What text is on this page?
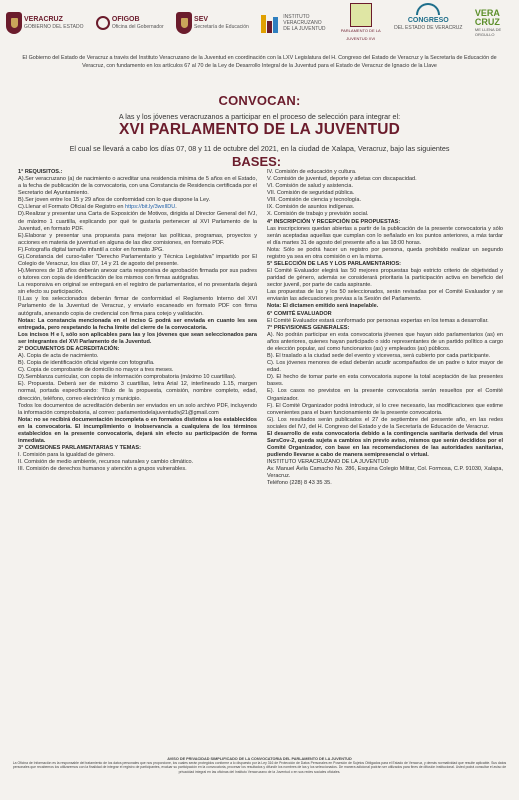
VERACRUZ
GOBIERNO DEL ESTADO
OFIGOB
Oficina del Gobernador
SEV
Secretaría de Educación
INSTITUTO VERACRUZANO DE LA JUVENTUD	PARLAMENTO DE LA JUVENTUD XVI
CONGRESO
DEL ESTADO DE VERACRUZ
VERA CRUZ
ME LLENA DE ORGULLO

El Gobierno del Estado de Veracruz a través del Instituto Veracruzano de la Juventud en coordinación con la LXV Legislatura del H. Congreso del Estado de Veracruz y la Secretaría de Educación de Veracruz, con fundamento en los artículos 67 al 70 de la Ley de Desarrollo Integral de la Juventud para el Estado de Veracruz de Ignacio de la Llave

CONVOCAN:
A las y los jóvenes veracruzanos a participar en el proceso de selección para integrar el:
XVI PARLAMENTO DE LA JUVENTUD
El cual se llevará a cabo los días 07, 08 y 11 de octubre del 2021, en la ciudad de Xalapa, Veracruz, bajo las siguientes
BASES:

1° REQUISITOS.:

A).Ser veracruzano (a) de nacimiento o acreditar una residencia mínima de 5 años en el Estado, a la fecha de publicación de la convocatoria, con una Constancia de Residencia certificada por el Secretario del Ayuntamiento.

B).Ser joven entre los 15 y 29 años de conformidad con lo que dispone la Ley.

C).Llenar el Formato Oficial de Registro en https://bit.ly/3wxIlDU.

D).Realizar y presentar una Carta de Exposición de Motivos, dirigida al Director General del IVJ, de máximo 1 cuartilla, explicando por qué te gustaría pertenecer al XVI Parlamento de la Juventud, en formato PDF.

E).Elaborar y presentar una propuesta para mejorar las políticas, programas, proyectos y acciones en materia de juventud en alguna de las diez comisiones, en formato PDF.

F).Fotografía digital tamaño infantil a color en formato JPG.

G).Constancia del curso-taller "Derecho Parlamentario y Técnica Legislativa" impartido por El Colegio de Veracruz, los días 07, 14 y 21 de agosto del presente.

H).Menores de 18 años deberán anexar carta responsiva de aprobación firmada por sus padres o tutores con copia de identificación de los mismos con firmas autógrafas.

La responsiva en original se entregará en el registro de parlamentarios, el no presentarla dejará sin efecto su participación.

I).Las y los seleccionados deberán firmar de conformidad el Reglamento Interno del XVI Parlamento de la Juventud de Veracruz, y enviarlo escaneado en formato PDF con firma autógrafa, anexando copia de credencial con firma para cotejo y validación.

Notas: La constancia mencionada en el inciso G podrá ser enviada en cuanto les sea entregada, pero respetando la fecha límite del cierre de la convocatoria.

Los incisos H e I, sólo son aplicables para las y los jóvenes que sean seleccionados para ser integrantes del XVI Parlamento de la Juventud.

2° DOCUMENTOS DE ACREDITACIÓN:

A). Copia de acta de nacimiento.

B). Copia de identificación oficial vigente con fotografía.

C). Copia de comprobante de domicilio no mayor a tres meses.

D).Semblanza curricular, con copia de información comprobatoria (máximo 10 cuartillas).

E). Propuesta. Deberá ser de máximo 3 cuartillas, letra Arial 12, interlineado 1.15, margen normal, portada especificando: Título de la propuesta, comisión, nombre completo, edad, dirección, teléfono, correo electrónico y municipio.

Todos los documentos de acreditación deberán ser enviados en un solo archivo PDF, incluyendo la información comprobatoria, al correo: parlamentodelajuventudivj21@gmail.com

Nota: no se recibirá documentación incompleta o en formatos distintos a los establecidos en la convocatoria. El incumplimiento o inobservancia a cualquiera de los términos establecidos en la presente convocatoria, dejará sin efecto su participación de forma inmediata.

3° COMISIONES PARLAMENTARIAS Y TEMAS:

I. Comisión para la igualdad de género.

II. Comisión de medio ambiente, recursos naturales y cambio climático.

III. Comisión de derechos humanos y atención a grupos vulnerables.

IV. Comisión de educación y cultura.

V. Comisión de juventud, deporte y atletas con discapacidad.

VI. Comisión de salud y asistencia.

VII. Comisión de seguridad pública.

VIII. Comisión de ciencia y tecnología.

IX. Comisión de asuntos indígenas.

X. Comisión de trabajo y previsión social.

4° INSCRIPCIÓN Y RECEPCIÓN DE PROPUESTAS:

Las inscripciones quedan abiertas a partir de la publicación de la presente convocatoria y sólo serán aceptadas aquellas que cumplan con lo señalado en los puntos anteriores, a más tardar el día martes 31 de agosto del presente año a las 18:00 horas.

Nota: Sólo se podrá hacer un registro por persona, queda prohibido realizar un segundo registro ya sea en otra comisión o en la misma.

5° SELECCIÓN DE LAS Y LOS PARLAMENTARIOS:

El Comité Evaluador elegirá las 50 mejores propuestas bajo estricto criterio de objetividad y paridad de género, además se considerará prioritaria la participación activa en beneficio del sector juvenil, por parte de cada aspirante.

Las propuestas de las y los 50 seleccionados, serán revisadas por el Comité Evaluador y se enviarán las adecuaciones previas a la Sesión del Parlamento.

Nota: El dictamen emitido será inapelable.

6° COMITÉ EVALUADOR

El Comité Evaluador estará conformado por personas expertas en los temas a desarrollar.

7° PREVISIONES GENERALES:

A). No podrán participar en esta convocatoria jóvenes que hayan sido parlamentarios (as) en años anteriores, quienes hayan participado o sido representantes de un partido político a cargo de elección popular, así como funcionarios (as) y empleados (as) públicos.

B). El traslado a la ciudad sede del evento y viceversa, será cubierto por cada participante.

C). Los jóvenes menores de edad deberán acudir acompañados de un padre o tutor mayor de edad.

D). El hecho de tomar parte en esta convocatoria supone la total aceptación de las presentes bases.

E). Los casos no previstos en la presente convocatoria serán resueltos por el Comité Organizador.

F). El Comité Organizador podrá introducir, si lo cree necesario, las modificaciones que estime convenientes para el buen funcionamiento de la presente convocatoria.

G). Los resultados serán publicados el 27 de septiembre del presente año, en las redes sociales del IVJ, del H. Congreso del Estado y de la Secretaría de Educación de Veracruz.

El desarrollo de esta convocatoria debido a la contingencia sanitaria derivada del virus SarsCov-2, queda sujeta a cambios sin previo aviso, mismos que serán decididos por el Comité Organizador, con base en las recomendaciones de las autoridades sanitarias, pudiendo llevarse a cabo de manera semipresencial o virtual.

INSTITUTO VERACRUZANO DE LA JUVENTUD

Av. Manuel Ávila Camacho No. 286, Esquina Colegio Militar, Col. Formosa, C.P. 91030, Xalapa, Veracruz.

Teléfono (228) 8 43 35 35.

AVISO DE PRIVACIDAD SIMPLIFICADO DE LA CONVOCATORIA DEL PARLAMENTO DE LA JUVENTUD

La Oficina de Información es la responsable del tratamiento de los datos personales que nos proporcione, los cuales serán protegidos conforme a lo dispuesto por la Ley 316 de Protección de Datos Personales en Posesión de Sujetos Obligados para el Estado de Veracruz, y demás normatividad que resulte aplicable. Sus datos personales que recabemos los utilizaremos con la finalidad de integrar el registro de participantes, evaluar su participación en la convocatoria, procesar los resultados y difundir los nombres de las y los seleccionados. De manera adicional podrán ser utilizados para fines de difusión institucional. Usted podrá consultar el aviso de privacidad integral en las oficinas del Instituto Veracruzano de la Juventud o en sus redes sociales oficiales.
